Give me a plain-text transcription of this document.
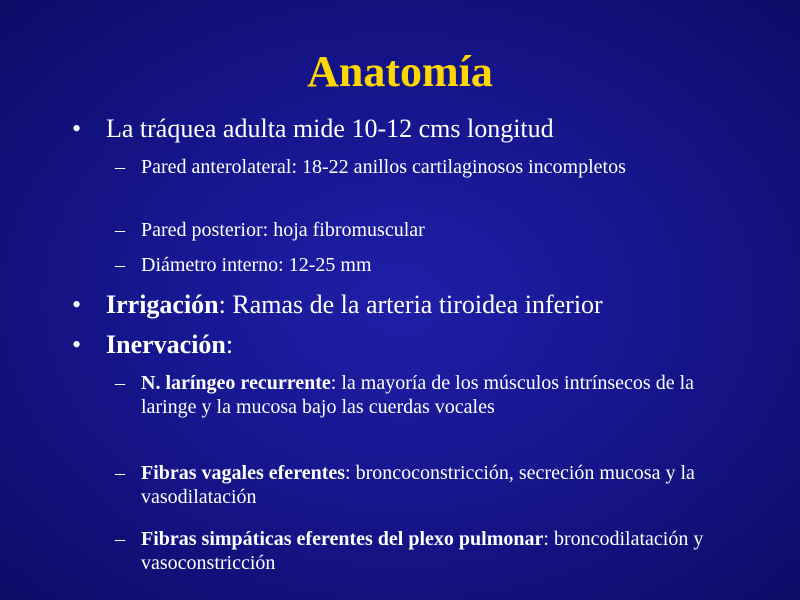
Anatomía
• La tráquea adulta mide 10-12 cms longitud
– Pared anterolateral: 18-22 anillos cartilaginosos incompletos
– Pared posterior: hoja fibromuscular
– Diámetro interno: 12-25 mm
• Irrigación: Ramas de la arteria tiroidea inferior
• Inervación:
– N. laríngeo recurrente: la mayoría de los músculos intrínsecos de la laringe y la mucosa bajo las cuerdas vocales
– Fibras vagales eferentes: broncoconstricción, secreción mucosa y la vasodilatación
– Fibras simpáticas eferentes del plexo pulmonar: broncodilatación y vasoconstricción
